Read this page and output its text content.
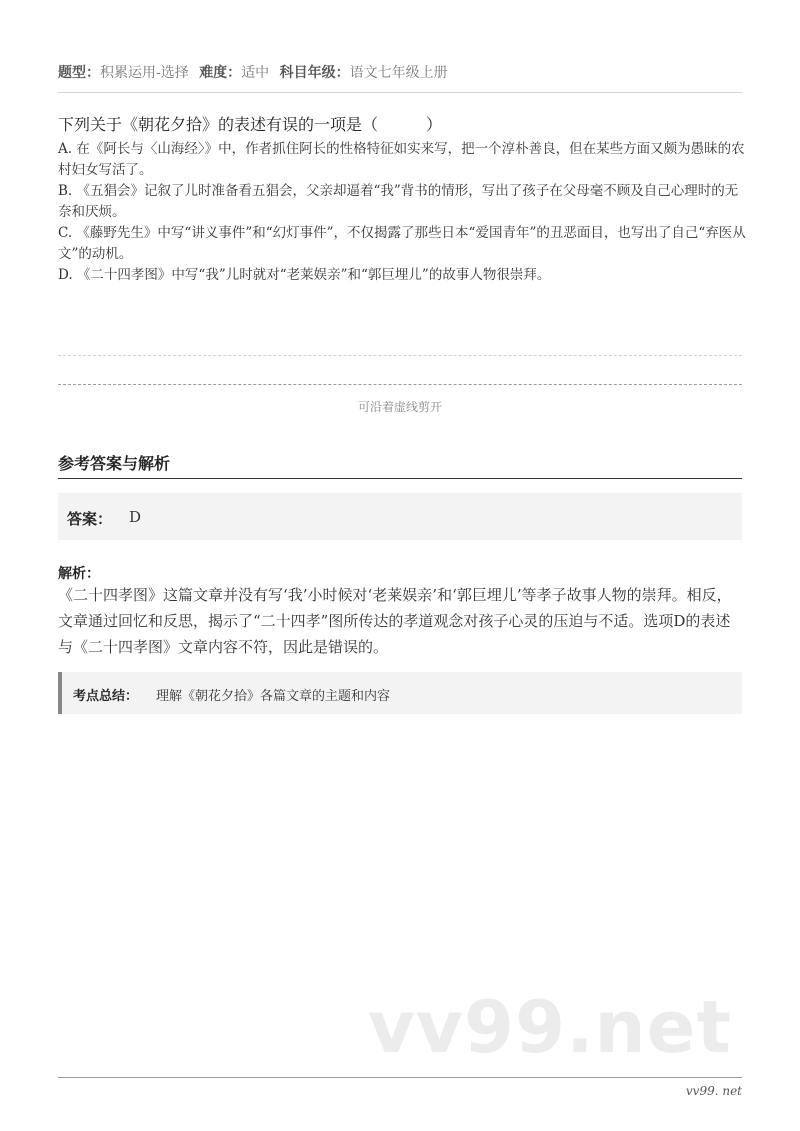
题型：积累运用-选择 难度：适中 科目年级：语文七年级上册
下列关于《朝花夕拾》的表述有误的一项是（　　　）

A. 在《阿长与〈山海经〉》中，作者抓住阿长的性格特征如实来写，把一个淳朴善良，但在某些方面又颇为愚昧的农村妇女写活了。

B. 《五猖会》记叙了儿时准备看五猖会，父亲却逼着“我”背书的情形，写出了孩子在父母毫不顾及自己心理时的无奈和厌烦。

C. 《藤野先生》中写“讲义事件”和“幻灯事件”，不仅揭露了那些日本“爱国青年”的丑恶面目，也写出了自己“弃医从文”的动机。

D. 《二十四孝图》中写“我”儿时就对“老莱娱亲”和“郭巨埋儿”的故事人物很崇拜。

可沿着虚线剪开
参考答案与解析
答案： D
解析：
《二十四孝图》这篇文章并没有写‘我’小时候对‘老莱娱亲’和‘郭巨埋儿’等孝子故事人物的崇拜。相反，文章通过回忆和反思，揭示了“二十四孝”图所传达的孝道观念对孩子心灵的压迫与不适。选项D的表述与《二十四孝图》文章内容不符，因此是错误的。
考点总结： 理解《朝花夕拾》各篇文章的主题和内容
vv99.net
vv99. net
